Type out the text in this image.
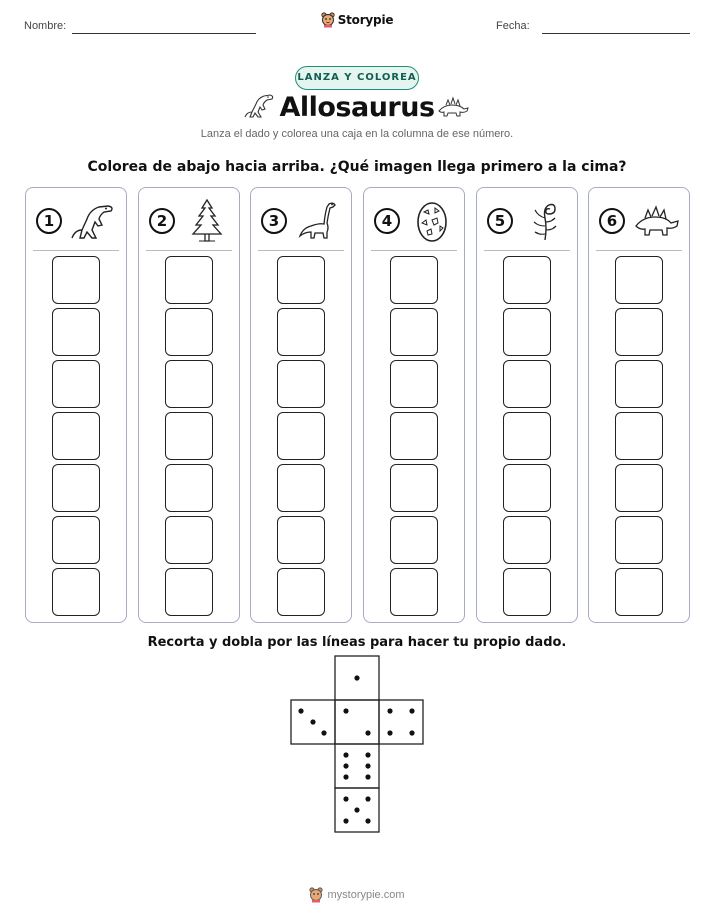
Nombre:	Fecha:
Storypie
LANZA Y COLOREA
Allosaurus
Lanza el dado y colorea una caja en la columna de ese número.
Colorea de abajo hacia arriba. ¿Qué imagen llega primero a la cima?
1	2	3	4	5	6
Recorta y dobla por las líneas para hacer tu propio dado.
mystorypie.com
